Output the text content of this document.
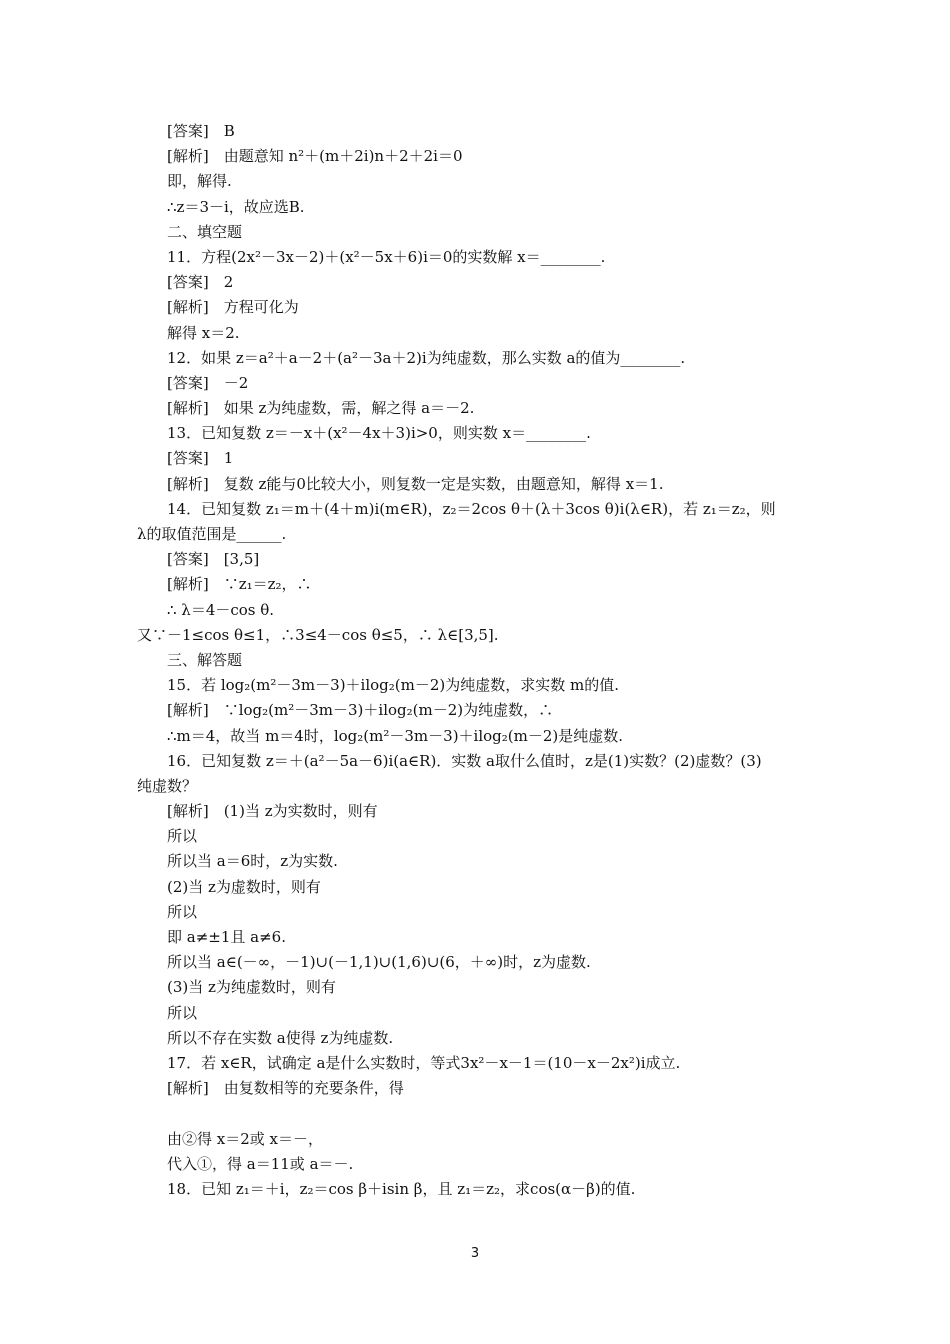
[答案]　B
[解析]　由题意知 n²＋(m＋2i)n＋2＋2i＝0
即，解得.
∴z＝3－i，故应选B.
二、填空题
11．方程(2x²－3x－2)＋(x²－5x＋6)i＝0的实数解 x＝________.
[答案]　2
[解析]　方程可化为
解得 x＝2.
12．如果 z＝a²＋a－2＋(a²－3a＋2)i为纯虚数，那么实数 a的值为________.
[答案]　－2
[解析]　如果 z为纯虚数，需，解之得 a＝－2.
13．已知复数 z＝－x＋(x²－4x＋3)i>0，则实数 x＝________.
[答案]　1
[解析]　复数 z能与0比较大小，则复数一定是实数，由题意知，解得 x＝1.
14．已知复数 z₁＝m＋(4＋m)i(m∈R)，z₂＝2cos θ＋(λ＋3cos θ)i(λ∈R)，若 z₁＝z₂，则
λ的取值范围是______.
[答案]　[3,5]
[解析]　∵z₁＝z₂，∴
∴ λ＝4－cos θ.
又∵－1≤cos θ≤1，∴3≤4－cos θ≤5，∴ λ∈[3,5].
三、解答题
15．若 log₂(m²－3m－3)＋ilog₂(m－2)为纯虚数，求实数 m的值.
[解析]　∵log₂(m²－3m－3)＋ilog₂(m－2)为纯虚数，∴
∴m＝4，故当 m＝4时，log₂(m²－3m－3)＋ilog₂(m－2)是纯虚数.
16．已知复数 z＝＋(a²－5a－6)i(a∈R)．实数 a取什么值时，z是(1)实数？(2)虚数？(3)
纯虚数？
[解析]　(1)当 z为实数时，则有
所以
所以当 a＝6时，z为实数.
(2)当 z为虚数时，则有
所以
即 a≠±1且 a≠6.
所以当 a∈(－∞，－1)∪(－1,1)∪(1,6)∪(6，＋∞)时，z为虚数.
(3)当 z为纯虚数时，则有
所以
所以不存在实数 a使得 z为纯虚数.
17．若 x∈R，试确定 a是什么实数时，等式3x²－x－1＝(10－x－2x²)i成立.
[解析]　由复数相等的充要条件，得
由②得 x＝2或 x＝－，
代入①，得 a＝11或 a＝－.
18．已知 z₁＝＋i，z₂＝cos β＋isin β，且 z₁＝z₂，求cos(α－β)的值.
3
